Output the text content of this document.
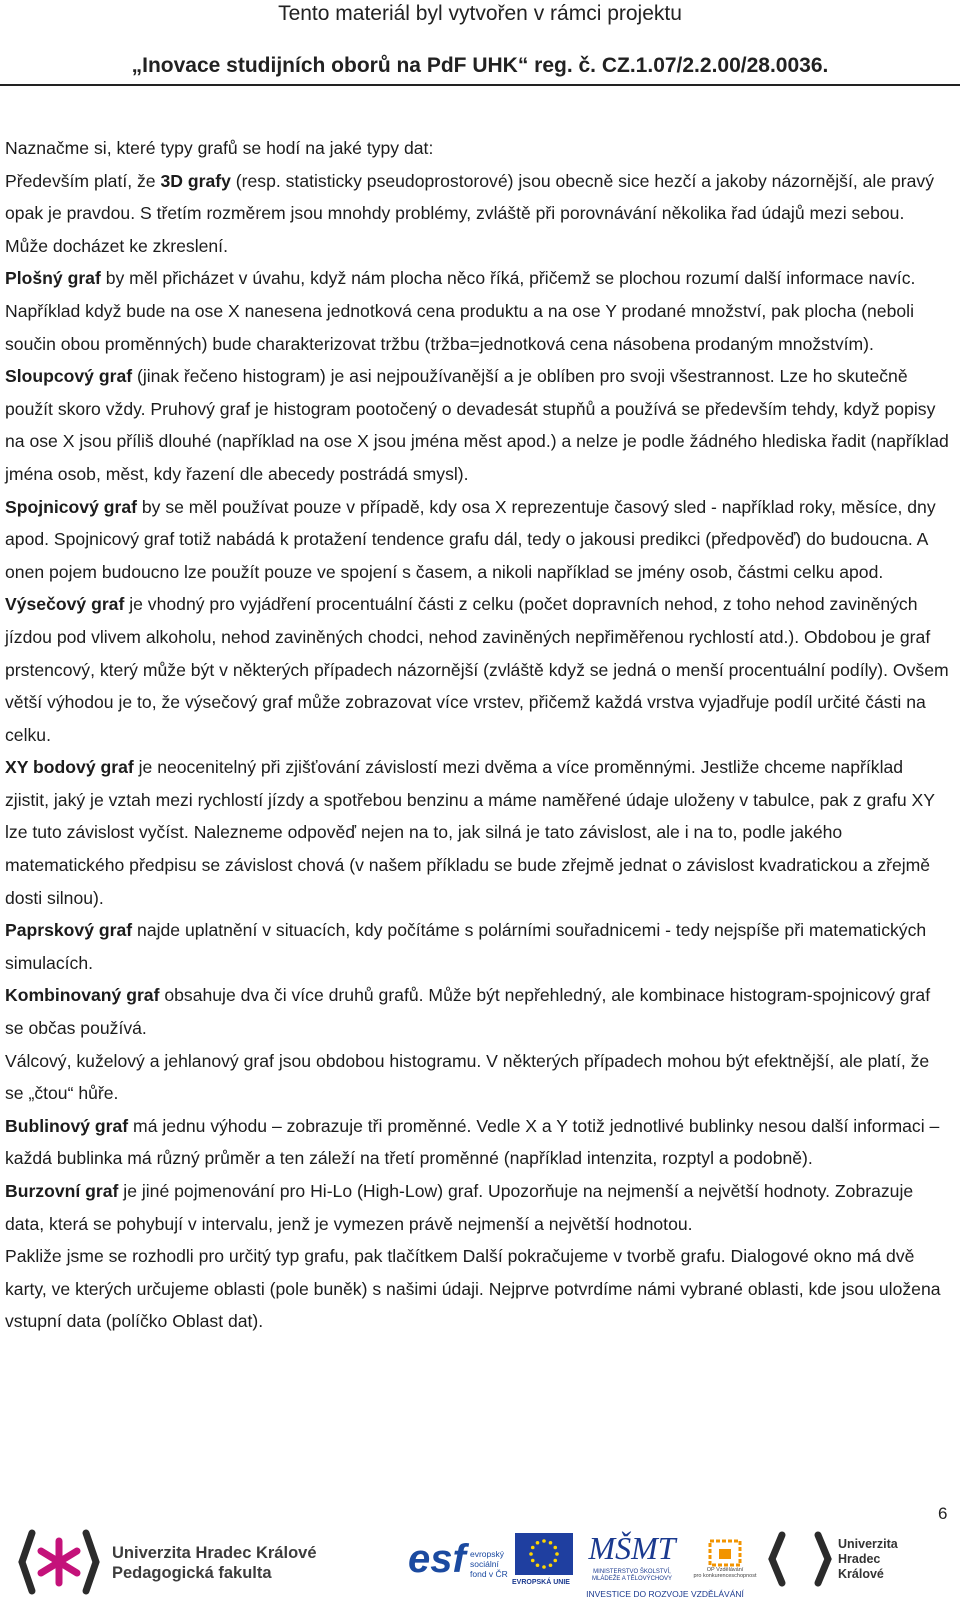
Tento materiál byl vytvořen v rámci projektu
„Inovace studijních oborů na PdF UHK“ reg. č. CZ.1.07/2.2.00/28.0036.

Naznačme si, které typy grafů se hodí na jaké typy dat:

Především platí, že 3D grafy (resp. statisticky pseudoprostorové) jsou obecně sice hezčí a jakoby názornější, ale pravý opak je pravdou. S třetím rozměrem jsou mnohdy problémy, zvláště při porovnávání několika řad údajů mezi sebou. Může docházet ke zkreslení.

Plošný graf by měl přicházet v úvahu, když nám plocha něco říká, přičemž se plochou rozumí další informace navíc. Například když bude na ose X nanesena jednotková cena produktu a na ose Y prodané množství, pak plocha (neboli součin obou proměnných) bude charakterizovat tržbu (tržba=jednotková cena násobena prodaným množstvím).

Sloupcový graf (jinak řečeno histogram) je asi nejpoužívanější a je oblíben pro svoji všestrannost. Lze ho skutečně použít skoro vždy. Pruhový graf je histogram pootočený o devadesát stupňů a používá se především tehdy, když popisy na ose X jsou příliš dlouhé (například na ose X jsou jména měst apod.) a nelze je podle žádného hlediska řadit (například jména osob, měst, kdy řazení dle abecedy postrádá smysl).

Spojnicový graf by se měl používat pouze v případě, kdy osa X reprezentuje časový sled - například roky, měsíce, dny apod. Spojnicový graf totiž nabádá k protažení tendence grafu dál, tedy o jakousi predikci (předpověď) do budoucna. A onen pojem budoucno lze použít pouze ve spojení s časem, a nikoli například se jmény osob, částmi celku apod.

Výsečový graf je vhodný pro vyjádření procentuální části z celku (počet dopravních nehod, z toho nehod zaviněných jízdou pod vlivem alkoholu, nehod zaviněných chodci, nehod zaviněných nepřiměřenou rychlostí atd.). Obdobou je graf prstencový, který může být v některých případech názornější (zvláště když se jedná o menší procentuální podíly). Ovšem větší výhodou je to, že výsečový graf může zobrazovat více vrstev, přičemž každá vrstva vyjadřuje podíl určité části na celku.

XY bodový graf je neocenitelný při zjišťování závislostí mezi dvěma a více proměnnými. Jestliže chceme například zjistit, jaký je vztah mezi rychlostí jízdy a spotřebou benzinu a máme naměřené údaje uloženy v tabulce, pak z grafu XY lze tuto závislost vyčíst. Nalezneme odpověď nejen na to, jak silná je tato závislost, ale i na to, podle jakého matematického předpisu se závislost chová (v našem příkladu se bude zřejmě jednat o závislost kvadratickou a zřejmě dosti silnou).

Paprskový graf najde uplatnění v situacích, kdy počítáme s polárními souřadnicemi - tedy nejspíše při matematických simulacích.

Kombinovaný graf obsahuje dva či více druhů grafů. Může být nepřehledný, ale kombinace histogram-spojnicový graf se občas používá.

Válcový, kuželový a jehlanový graf jsou obdobou histogramu. V některých případech mohou být efektnější, ale platí, že se „čtou“ hůře.

Bublinový graf má jednu výhodu – zobrazuje tři proměnné. Vedle X a Y totiž jednotlivé bublinky nesou další informaci – každá bublinka má různý průměr a ten záleží na třetí proměnné (například intenzita, rozptyl a podobně).

Burzovní graf je jiné pojmenování pro Hi-Lo (High-Low) graf. Upozorňuje na nejmenší a největší hodnoty. Zobrazuje data, která se pohybují v intervalu, jenž je vymezen právě nejmenší a největší hodnotou.

Pakliže jsme se rozhodli pro určitý typ grafu, pak tlačítkem Další pokračujeme v tvorbě grafu. Dialogové okno má dvě karty, ve kterých určujeme oblasti (pole buněk) s našimi údaji. Nejprve potvrdíme námi vybrané oblasti, kde jsou uložena vstupní data (políčko Oblast dat).

6
Univerzita Hradec Králové
Pedagogická fakulta	esf evropský
sociální
fond v ČR
EVROPSKÁ UNIE
MŠMT
MINISTERSTVO ŠKOLSTVÍ,
MLÁDEŽE A TĚLOVÝCHOVY
OP Vzdělávání
pro konkurenceschopnost
INVESTICE DO ROZVOJE VZDĚLÁVÁNÍ
Univerzita
Hradec
Králové
